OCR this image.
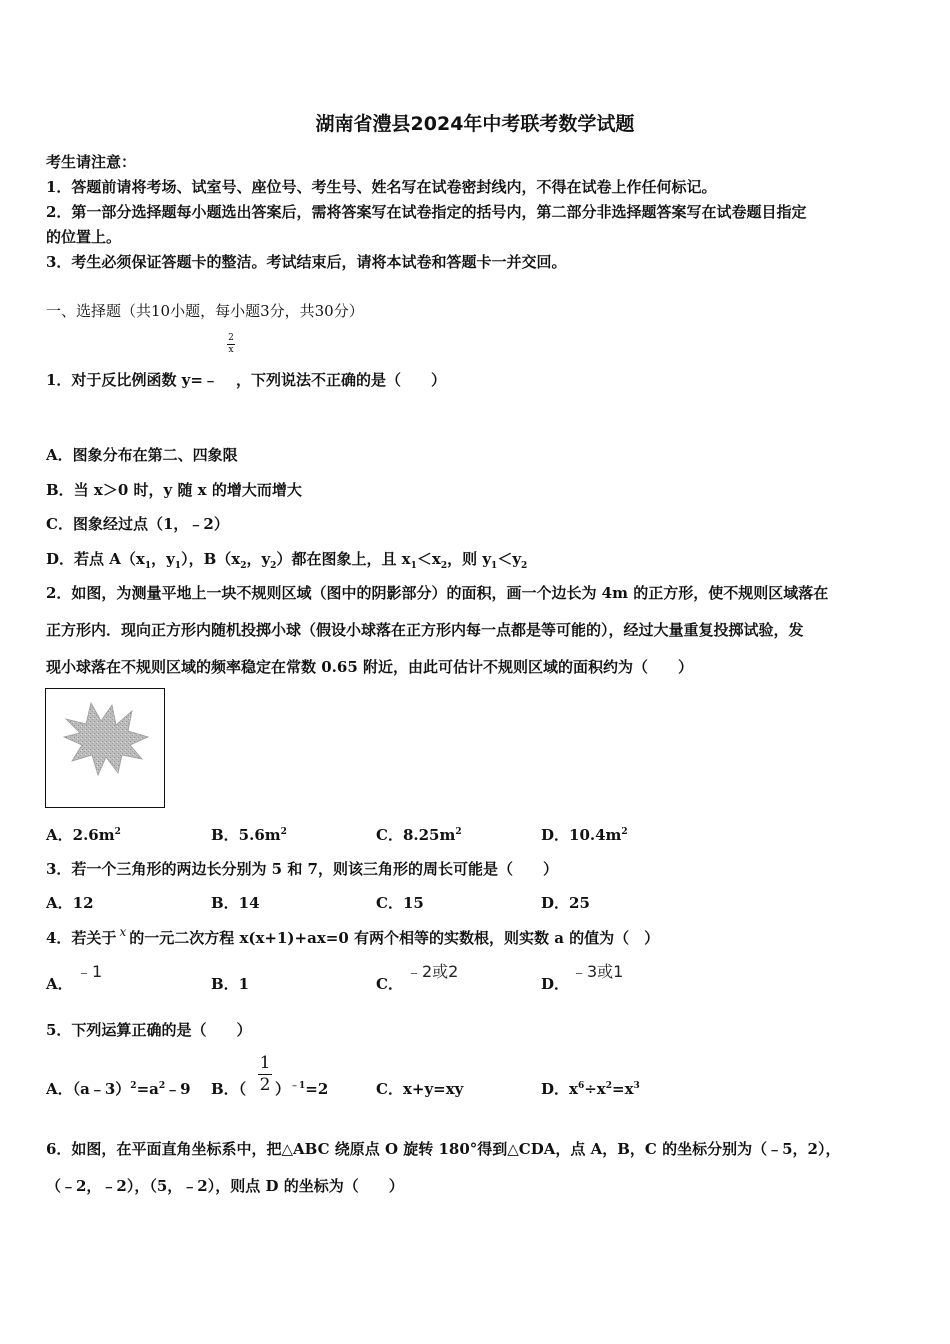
湖南省澧县2024年中考联考数学试题
考生请注意：
1．答题前请将考场、试室号、座位号、考生号、姓名写在试卷密封线内，不得在试卷上作任何标记。
2．第一部分选择题每小题选出答案后，需将答案写在试卷指定的括号内，第二部分非选择题答案写在试卷题目指定
的位置上。
3．考生必须保证答题卡的整洁。考试结束后，请将本试卷和答题卡一并交回。
一、选择题（共10小题，每小题3分，共30分）
2
x
1．对于反比例函数 y=﹣ ，下列说法不正确的是（　　）
A．图象分布在第二、四象限
B．当 x＞0 时，y 随 x 的增大而增大
C．图象经过点（1，﹣2）
D．若点 $A(x_1$，$y_1$），$B(x_2$，$y_2$）都在图象上，且 $x_1<x_2$，则 $y_1<y_2$
2．如图，为测量平地上一块不规则区域（图中的阴影部分）的面积，画一个边长为 4m 的正方形，使不规则区域落在
正方形内．现向正方形内随机投掷小球（假设小球落在正方形内每一点都是等可能的），经过大量重复投掷试验，发
现小球落在不规则区域的频率稳定在常数 0.65 附近，由此可估计不规则区域的面积约为（　　）
A．$2.6m^2$	B．$5.6m^2$	C．$8.25m^2$	D．$10.4m^2$
3．若一个三角形的两边长分别为 5 和 7，则该三角形的周长可能是（　　）
A．12	B．14	C．15	D．25
4．若关于 $^x$ 的一元二次方程 x(x+1)+ax=0 有两个相等的实数根，则实数 a 的值为（　）
A．
﹣1
B．1	C．
﹣2或2
D．
﹣3或1
5．下列运算正确的是（　　）
A．$(a﹣3)^2=a^2﹣9$ B．（
1
2 ）$^{﹣1}$=2	C．x+y=xy	D．$x^6\div x^2=x^3$
6．如图，在平面直角坐标系中，把△ABC 绕原点 O 旋转 180°得到△CDA，点 A，B，C 的坐标分别为（﹣5，2），
（﹣2，﹣2），（5，﹣2），则点 D 的坐标为（　　）
